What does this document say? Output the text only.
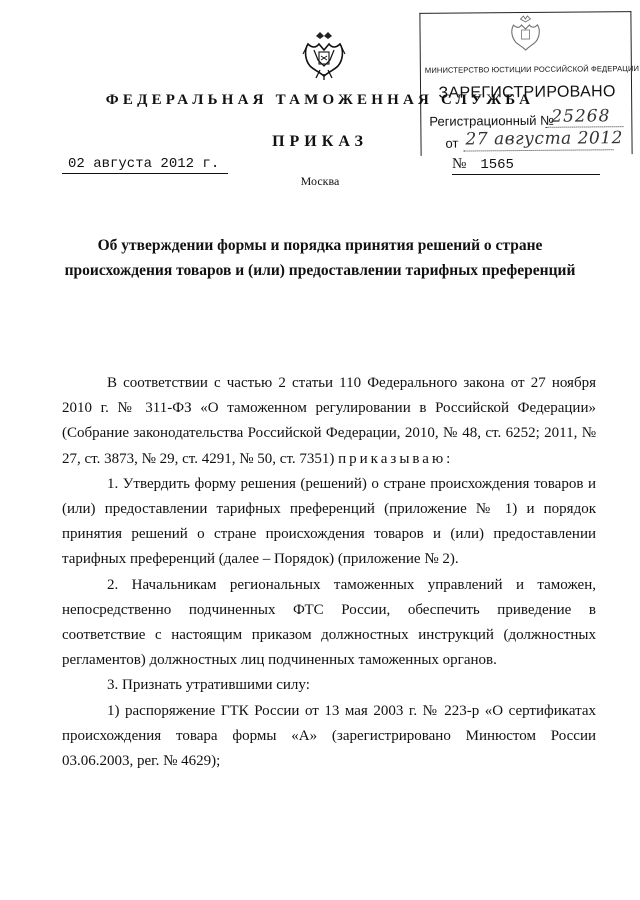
МИНИСТЕРСТВО ЮСТИЦИИ РОССИЙСКОЙ ФЕДЕРАЦИИ
ЗАРЕГИСТРИРОВАНО
Регистрационный №
25268
от 27 августа 2012
ФЕДЕРАЛЬНАЯ ТАМОЖЕННАЯ СЛУЖБА
ПРИКАЗ
02 августа 2012 г.	№ 1565
Москва
Об утверждении формы и порядка принятия решений о стране
происхождения товаров и (или) предоставлении тарифных преференций

В соответствии с частью 2 статьи 110 Федерального закона от 27 ноября 2010 г. № 311-ФЗ «О таможенном регулировании в Российской Федерации» (Собрание законодательства Российской Федерации, 2010, № 48, ст. 6252; 2011, № 27, ст. 3873, № 29, ст. 4291, № 50, ст. 7351) приказываю:

1. Утвердить форму решения (решений) о стране происхождения товаров и (или) предоставлении тарифных преференций (приложение № 1) и порядок принятия решений о стране происхождения товаров и (или) предоставлении тарифных преференций (далее – Порядок) (приложение № 2).

2. Начальникам региональных таможенных управлений и таможен, непосредственно подчиненных ФТС России, обеспечить приведение в соответствие с настоящим приказом должностных инструкций (должностных регламентов) должностных лиц подчиненных таможенных органов.

3. Признать утратившими силу:

1) распоряжение ГТК России от 13 мая 2003 г. № 223-р «О сертификатах происхождения товара формы «А» (зарегистрировано Минюстом России 03.06.2003, рег. № 4629);
